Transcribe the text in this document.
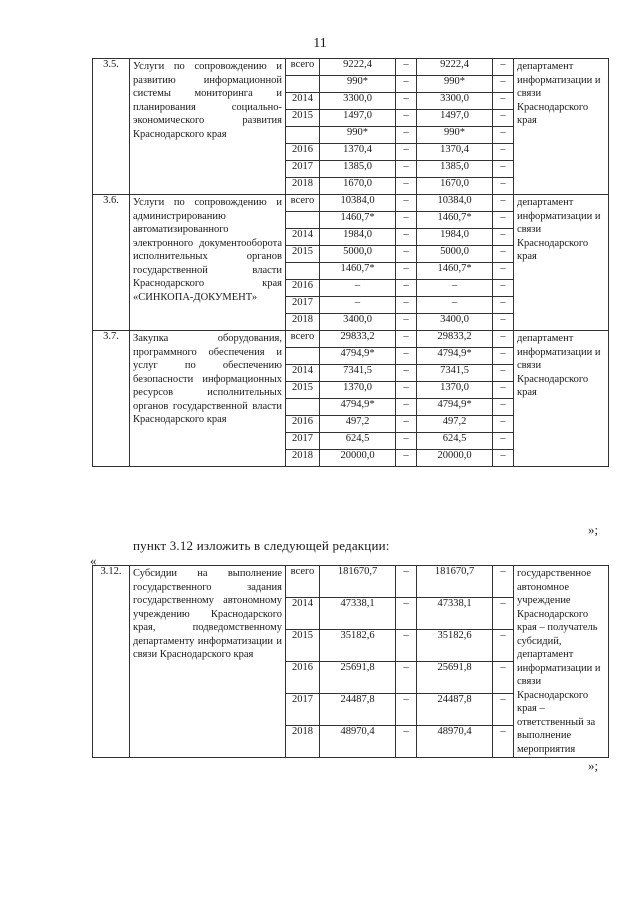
11
3.5.	Услуги по сопровождению и развитию информационной системы мониторинга и планирования социально-экономического развития Краснодарского края	всего	9222,4	–	9222,4	–	департамент информатизации и связи Краснодарского края
			990*	–	990*	–	
		2014	3300,0	–	3300,0	–	
		2015	1497,0	–	1497,0	–	
			990*	–	990*	–	
		2016	1370,4	–	1370,4	–	
		2017	1385,0	–	1385,0	–	
		2018	1670,0	–	1670,0	–	
3.6.	Услуги по сопровождению и администрированию автоматизированного электронного документооборота исполнительных органов государственной власти Краснодарского края «СИНКОПА-ДОКУМЕНТ»	всего	10384,0	–	10384,0	–	департамент информатизации и связи Краснодарского края
			1460,7*	–	1460,7*	–	
		2014	1984,0	–	1984,0	–	
		2015	5000,0	–	5000,0	–	
			1460,7*	–	1460,7*	–	
		2016	–	–	–	–	
		2017	–	–	–	–	
		2018	3400,0	–	3400,0	–	
3.7.	Закупка оборудования, программного обеспечения и услуг по обеспечению безопасности информационных ресурсов исполнительных органов государственной власти Краснодарского края	всего	29833,2	–	29833,2	–	департамент информатизации и связи Краснодарского края
			4794,9*	–	4794,9*	–	
		2014	7341,5	–	7341,5	–	
		2015	1370,0	–	1370,0	–	
			4794,9*	–	4794,9*	–	
		2016	497,2	–	497,2	–	
		2017	624,5	–	624,5	–	
		2018	20000,0	–	20000,0	–	
»;
пункт 3.12 изложить в следующей редакции:
«
3.12.	Субсидии на выполнение государственного задания государственному автономному учреждению Краснодарского края, подведомственному департаменту информатизации и связи Краснодарского края	всего	181670,7	–	181670,7	–	государственное автономное учреждение Краснодарского края – получатель субсидий, департамент информатизации и связи Краснодарского края – ответственный за выполнение мероприятия
		2014	47338,1	–	47338,1	–	
		2015	35182,6	–	35182,6	–	
		2016	25691,8	–	25691,8	–	
		2017	24487,8	–	24487,8	–	
		2018	48970,4	–	48970,4	–	
»;
